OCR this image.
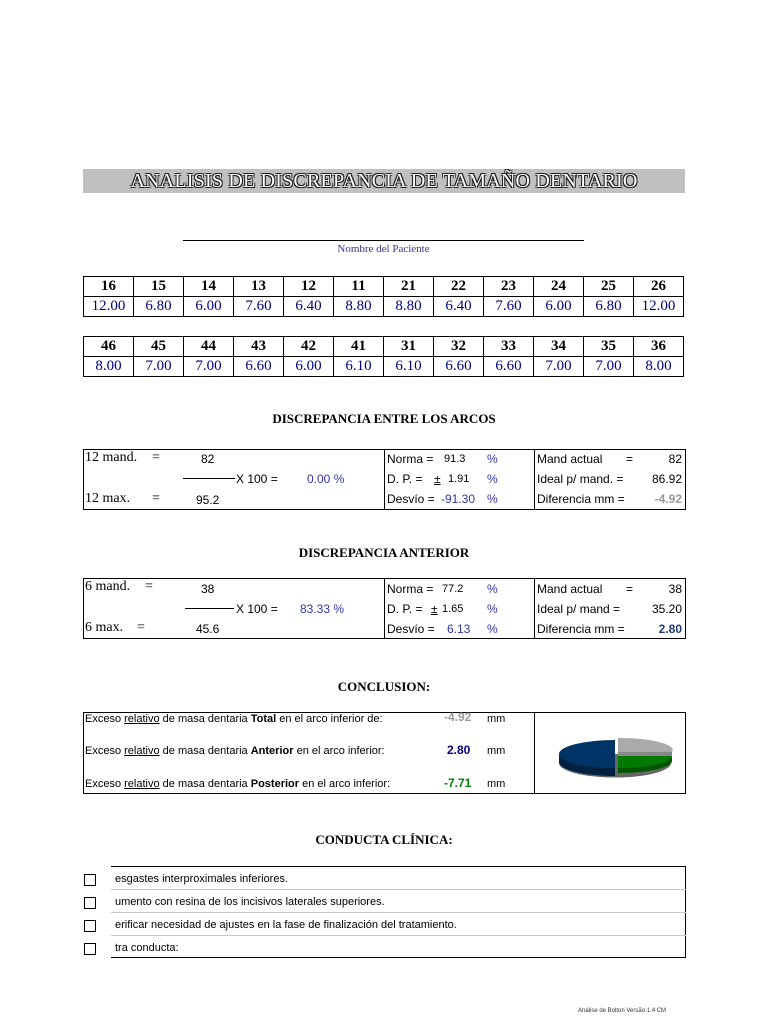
ANALISIS DE DISCREPANCIA DE TAMAÑO DENTARIO
Nombre del Paciente
16	15	14	13	12	11	21	22	23	24	25	26
12.00	6.80	6.00	7.60	6.40	8.80	8.80	6.40	7.60	6.00	6.80	12.00
46	45	44	43	42	41	31	32	33	34	35	36
8.00	7.00	7.00	6.60	6.00	6.10	6.10	6.60	6.60	7.00	7.00	8.00
DISCREPANCIA ENTRE LOS ARCOS
12 mand. =	82
X 100 = 0.00 %
12 max. =	95.2
Norma = 91.3 %
D. P. = ± 1.91 %
Desvío = -91.30 %
Mand actual =	82
Ideal p/ mand. = 86.92
Diferencia mm = -4.92
DISCREPANCIA ANTERIOR
6 mand. =	38
X 100 = 83.33 %
6 max. =	45.6
Norma = 77.2 %
D. P. = ± 1.65 %
Desvío = 6.13 %
Mand actual =	38
Ideal p/ mand =	35.20
Diferencia mm =	2.80
CONCLUSION:
Exceso relativo de masa dentaria Total en el arco inferior de:	-4.92 mm
Exceso relativo de masa dentaria Anterior en el arco inferior:	2.80 mm
Exceso relativo de masa dentaria Posterior en el arco inferior:	-7.71 mm
CONDUCTA CLÍNICA:
esgastes interproximales inferiores.
umento con resina de los incisivos laterales superiores.
erificar necesidad de ajustes en la fase de finalización del tratamiento.
tra conducta:
Análise de Bolton Versão 1.4 CM
